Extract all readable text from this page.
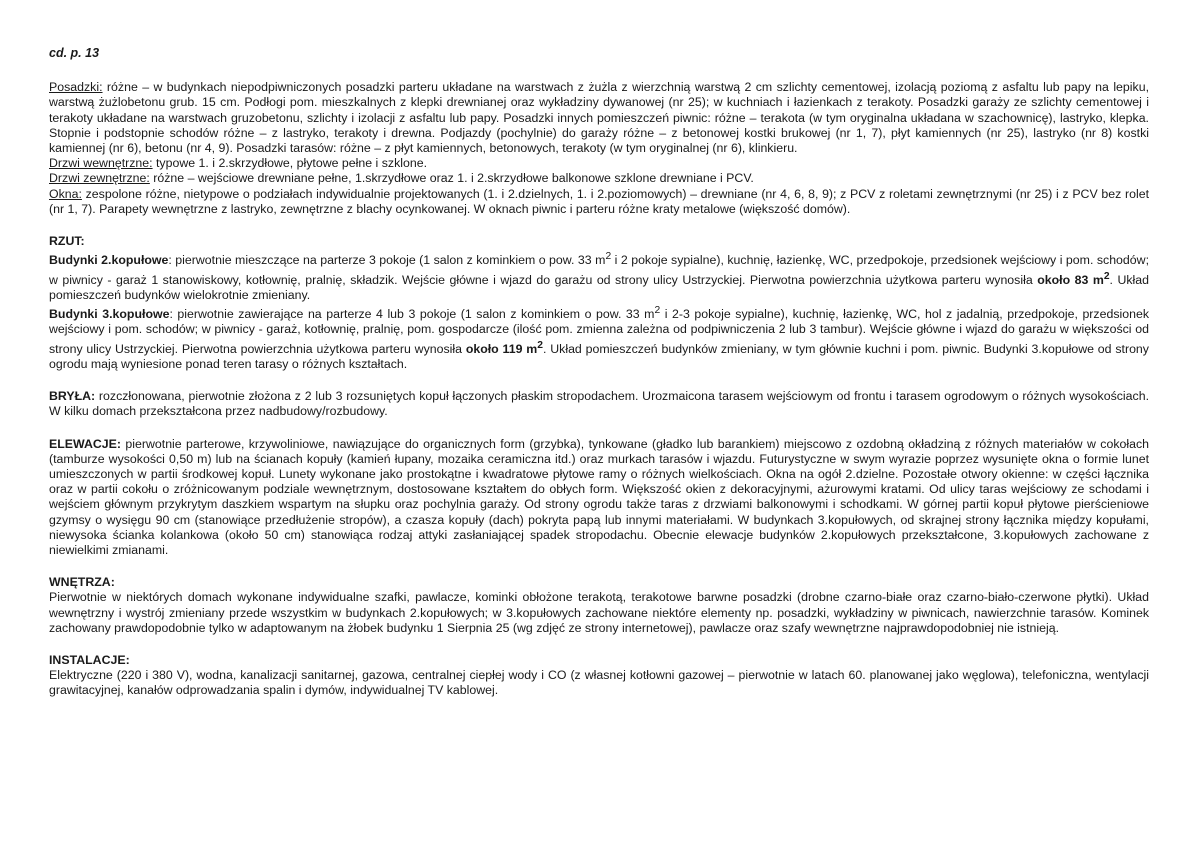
cd. p. 13

Posadzki: różne – w budynkach niepodpiwniczonych posadzki parteru układane na warstwach z żużla z wierzchnią warstwą 2 cm szlichty cementowej, izolacją poziomą z asfaltu lub papy na lepiku, warstwą żużlobetonu grub. 15 cm. Podłogi pom. mieszkalnych z klepki drewnianej oraz wykładziny dywanowej (nr 25); w kuchniach i łazienkach z terakoty. Posadzki garaży ze szlichty cementowej i terakoty układane na warstwach gruzobetonu, szlichty i izolacji z asfaltu lub papy. Posadzki innych pomieszczeń piwnic: różne – terakota (w tym oryginalna układana w szachownicę), lastryko, klepka. Stopnie i podstopnie schodów różne – z lastryko, terakoty i drewna. Podjazdy (pochylnie) do garaży różne – z betonowej kostki brukowej (nr 1, 7), płyt kamiennych (nr 25), lastryko (nr 8) kostki kamiennej (nr 6), betonu (nr 4, 9). Posadzki tarasów: różne – z płyt kamiennych, betonowych, terakoty (w tym oryginalnej (nr 6), klinkieru.

Drzwi wewnętrzne: typowe 1. i 2.skrzydłowe, płytowe pełne i szklone.

Drzwi zewnętrzne: różne – wejściowe drewniane pełne, 1.skrzydłowe oraz 1. i 2.skrzydłowe balkonowe szklone drewniane i PCV.

Okna: zespolone różne, nietypowe o podziałach indywidualnie projektowanych (1. i 2.dzielnych, 1. i 2.poziomowych) – drewniane (nr 4, 6, 8, 9); z PCV z roletami zewnętrznymi (nr 25) i z PCV bez rolet (nr 1, 7). Parapety wewnętrzne z lastryko, zewnętrzne z blachy ocynkowanej. W oknach piwnic i parteru różne kraty metalowe (większość domów).

RZUT:

Budynki 2.kopułowe: pierwotnie mieszczące na parterze 3 pokoje (1 salon z kominkiem o pow. 33 $m^2$ i 2 pokoje sypialne), kuchnię, łazienkę, WC, przedpokoje, przedsionek wejściowy i pom. schodów; w piwnicy - garaż 1 stanowiskowy, kotłownię, pralnię, składzik. Wejście główne i wjazd do garażu od strony ulicy Ustrzyckiej. Pierwotna powierzchnia użytkowa parteru wynosiła około 83 $m^2$. Układ pomieszczeń budynków wielokrotnie zmieniany.

Budynki 3.kopułowe: pierwotnie zawierające na parterze 4 lub 3 pokoje (1 salon z kominkiem o pow. 33 $m^2$ i 2-3 pokoje sypialne), kuchnię, łazienkę, WC, hol z jadalnią, przedpokoje, przedsionek wejściowy i pom. schodów; w piwnicy - garaż, kotłownię, pralnię, pom. gospodarcze (ilość pom. zmienna zależna od podpiwniczenia 2 lub 3 tambur). Wejście główne i wjazd do garażu w większości od strony ulicy Ustrzyckiej. Pierwotna powierzchnia użytkowa parteru wynosiła około 119 $m^2$. Układ pomieszczeń budynków zmieniany, w tym głównie kuchni i pom. piwnic. Budynki 3.kopułowe od strony ogrodu mają wyniesione ponad teren tarasy o różnych kształtach.

BRYŁA: rozczłonowana, pierwotnie złożona z 2 lub 3 rozsuniętych kopuł łączonych płaskim stropodachem. Urozmaicona tarasem wejściowym od frontu i tarasem ogrodowym o różnych wysokościach. W kilku domach przekształcona przez nadbudowy/rozbudowy.

ELEWACJE: pierwotnie parterowe, krzywoliniowe, nawiązujące do organicznych form (grzybka), tynkowane (gładko lub barankiem) miejscowo z ozdobną okładziną z różnych materiałów w cokołach (tamburze wysokości 0,50 m) lub na ścianach kopuły (kamień łupany, mozaika ceramiczna itd.) oraz murkach tarasów i wjazdu. Futurystyczne w swym wyrazie poprzez wysunięte okna o formie lunet umieszczonych w partii środkowej kopuł. Lunety wykonane jako prostokątne i kwadratowe płytowe ramy o różnych wielkościach. Okna na ogół 2.dzielne. Pozostałe otwory okienne: w części łącznika oraz w partii cokołu o zróżnicowanym podziale wewnętrznym, dostosowane kształtem do obłych form. Większość okien z dekoracyjnymi, ażurowymi kratami. Od ulicy taras wejściowy ze schodami i wejściem głównym przykrytym daszkiem wspartym na słupku oraz pochylnia garaży. Od strony ogrodu także taras z drzwiami balkonowymi i schodkami. W górnej partii kopuł płytowe pierścieniowe gzymsy o wysięgu 90 cm (stanowiące przedłużenie stropów), a czasza kopuły (dach) pokryta papą lub innymi materiałami. W budynkach 3.kopułowych, od skrajnej strony łącznika między kopułami, niewysoka ścianka kolankowa (około 50 cm) stanowiąca rodzaj attyki zasłaniającej spadek stropodachu. Obecnie elewacje budynków 2.kopułowych przekształcone, 3.kopułowych zachowane z niewielkimi zmianami.

WNĘTRZA:

Pierwotnie w niektórych domach wykonane indywidualne szafki, pawlacze, kominki obłożone terakotą, terakotowe barwne posadzki (drobne czarno-białe oraz czarno-biało-czerwone płytki). Układ wewnętrzny i wystrój zmieniany przede wszystkim w budynkach 2.kopułowych; w 3.kopułowych zachowane niektóre elementy np. posadzki, wykładziny w piwnicach, nawierzchnie tarasów. Kominek zachowany prawdopodobnie tylko w adaptowanym na żłobek budynku 1 Sierpnia 25 (wg zdjęć ze strony internetowej), pawlacze oraz szafy wewnętrzne najprawdopodobniej nie istnieją.

INSTALACJE:

Elektryczne (220 i 380 V), wodna, kanalizacji sanitarnej, gazowa, centralnej ciepłej wody i CO (z własnej kotłowni gazowej – pierwotnie w latach 60. planowanej jako węglowa), telefoniczna, wentylacji grawitacyjnej, kanałów odprowadzania spalin i dymów, indywidualnej TV kablowej.
